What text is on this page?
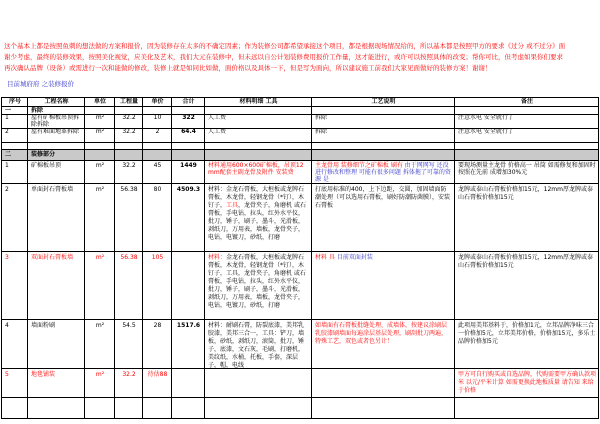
这个基本上都是按照鱼刺的想法做的方案和报价，因为装修存在太多的不确定因素；作为装修公司都希望承接这个项目，都是根据现场情况给的，所以基本都是按照甲方的要求《过分 或不过分》面
谢少考虑，最终的装修效果，按照美化视觉，应美化及艺术，我们大元在装修中，但未远以自公计划装修费用报价工作量，这才能进行，或许可以按照具体的改变；帮你可比，但考虑如果你们要求
再次确认品牌（设备）或需进行一次和能做的修改，装修上就是如同比如做，面价格以及具体一下，但是写为面向，所以建议施工前我们大家见面做好的装修方案！谢谢！
目前城府府 之装修报价
序号	工程名称	单位	工程量	单价	合计	材料明细 工具	工艺说明	备注

一	拆除							

1	屋有矿棉板吊顶拆除拆除	m²	32.2	10	322	人工费	拆除	注意水电 安全就行了

2	屋有难面地革拆除	m²	32.2	2	64.4	人工费	拆除	注意水电 安全就行了

二	装修部分							

1	矿棉板吊顶	m²	32.2	45	1449	材料通用600×600矿棉板，吊顶12mm配套主副龙骨及附件 安装费	主龙骨用 装修细节之矿棉板 刷有 由于网网写 还没进行修改和整理 可能有很多问题 拆体拖了可靠的资源 是	要现场测量主龙骨 价格高一 吊筒 如需修复和加固时 按照在先前 成增加30%元

2	单面封石膏板墙	m²	56.38	80	4509.3	材料：金龙石膏板，大桓板或龙牌石膏板，木龙骨，轻钢龙骨（*钉），木钉子，工具，龙骨夹子，角磨机 或石膏板，手电钻，拉头，红外水平仪，批刀，锤子，刷子，墨斗，光滑板，剥纸刀，万用表，墙板，龙骨夹子，电钻，电镀刀，砂纸，打磨	打底用标准的400，上下边距，交圆，加固墙面防潮处理（可以选用石膏板，刷好防潮防菌膜），安装石膏板	龙牌或泰山石膏板价格加15元，12mm厚龙牌或泰山石膏板价格加15元

3	双面封石膏板墙	m²	56.38	105		材料：金龙石膏板，大桓板或龙牌石膏板，木龙骨，轻钢龙骨（*钉），木钉子，工具，龙骨夹子，角磨机 或石膏板，手电钻，拉头，红外水平仪，批刀，锤子，刷子，墨斗，光滑板，剥纸刀，万用表，墙板，龙骨夹子，电钻，电镀刀，砂纸，打磨	材料 具 目前双面封装	龙牌或泰山石膏板价格加15元，12mm厚龙牌或泰山石膏板价格加15元

4	墙面粉刷	m²	54.5	28	1517.6	材料：耐刷石膏，防裂底漆，美邦乳胶漆，美邦三合一，工具：铲刀，墙板，砂纸，剥纸刀，滚筒，批刀，锤子，底漆，文石灰，毛刷，打磨机，美纹纸，水桶，托板，手套，深层子，帽，电线	如墙面有石膏板批缝处理，成墙体，按建议涂刷层乳胶漆刷墙面每遍涂层基层处理，刷刮批刀两遍，特殊工艺，双色或者色另计！	此项用美邦基料于，价格加1元，立邦品牌净味三合一价格加5元，立邦美邦价格，价格加15元，多乐士品牌价格加5元

5	地毯铺装	m²	32.2	待估88				甲方可自行购买或自选品牌，代购需要甲方确认款项米 以元/平米计算 如需更换此地板质量 请告知 来给于价格
